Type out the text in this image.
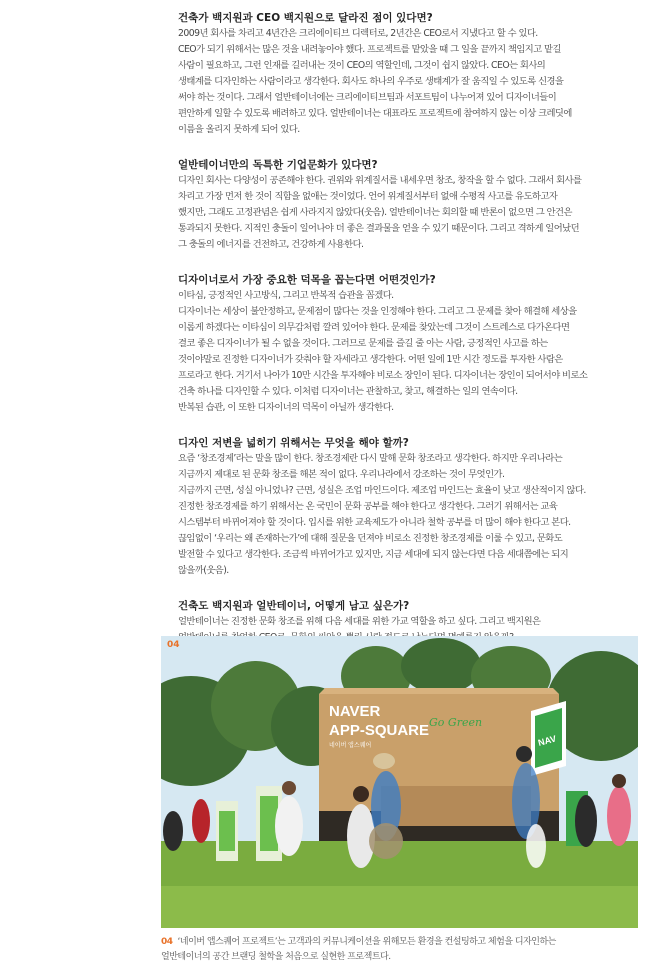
건축가 백지원과 CEO 백지원으로 달라진 점이 있다면?

2009년 회사를 차리고 4년간은 크리에이티브 디렉터로, 2년간은 CEO로서 지냈다고 할 수 있다.
CEO가 되기 위해서는 많은 것을 내려놓아야 했다. 프로젝트를 맡았을 때 그 일을 끝까지 책임지고 맡길
사람이 필요하고, 그런 인재를 길러내는 것이 CEO의 역할인데, 그것이 쉽지 않았다. CEO는 회사의
생태계를 디자인하는 사람이라고 생각한다. 회사도 하나의 우주로 생태계가 잘 움직일 수 있도록 신경을
써야 하는 것이다. 그래서 얼반테이너에는 크리에이티브팀과 서포트팀이 나누어져 있어 디자이너들이
편안하게 일할 수 있도록 배려하고 있다. 얼반테이너는 대표라도 프로젝트에 참여하지 않는 이상 크레딧에
이름을 올리지 못하게 되어 있다.

얼반테이너만의 독특한 기업문화가 있다면?

디자인 회사는 다양성이 공존해야 한다. 권위와 위계질서를 내세우면 창조, 창작을 할 수 없다. 그래서 회사를
차리고 가장 먼저 한 것이 직함을 없애는 것이었다. 언어 위계질서부터 없애 수평적 사고를 유도하고자
했지만, 그래도 고정관념은 쉽게 사라지지 않았다(웃음). 얼반테이너는 회의할 때 반론이 없으면 그 안건은
통과되지 못한다. 지적인 충돌이 일어나야 더 좋은 결과물을 얻을 수 있기 때문이다. 그리고 격하게 일어났던
그 충돌의 에너지를 건전하고, 건강하게 사용한다.

디자이너로서 가장 중요한 덕목을 꼽는다면 어떤것인가?

이타심, 긍정적인 사고방식, 그리고 반복적 습관을 꼽겠다.
디자이너는 세상이 불안정하고, 문제점이 많다는 것을 인정해야 한다. 그리고 그 문제를 찾아 해결해 세상을
이롭게 하겠다는 이타심이 의무감처럼 깔려 있어야 한다. 문제를 찾았는데 그것이 스트레스로 다가온다면
결코 좋은 디자이너가 될 수 없을 것이다. 그러므로 문제를 즐길 줄 아는 사람, 긍정적인 사고를 하는
것이야말로 진정한 디자이너가 갖춰야 할 자세라고 생각한다. 어떤 일에 1만 시간 정도를 투자한 사람은
프로라고 한다. 거기서 나아가 10만 시간을 투자해야 비로소 장인이 된다. 디자이너는 장인이 되어서야 비로소
건축 하나를 디자인할 수 있다. 이처럼 디자이너는 관찰하고, 찾고, 해결하는 일의 연속이다.
반복된 습관, 이 또한 디자이너의 덕목이 아닐까 생각한다.

디자인 저변을 넓히기 위해서는 무엇을 해야 할까?

요즘 ‘창조경제’라는 말을 많이 한다. 창조경제란 다시 말해 문화 창조라고 생각한다. 하지만 우리나라는
지금까지 제대로 된 문화 창조를 해본 적이 없다. 우리나라에서 강조하는 것이 무엇인가.
지금까지 근면, 성실 아니었나? 근면, 성실은 조업 마인드이다. 제조업 마인드는 효율이 낮고 생산적이지 않다.
진정한 창조경제를 하기 위해서는 온 국민이 문화 공부를 해야 한다고 생각한다. 그러기 위해서는 교육
시스템부터 바뀌어져야 할 것이다. 입시를 위한 교육제도가 아니라 철학 공부를 더 많이 해야 한다고 본다.
끊임없이 ‘우리는 왜 존재하는가’에 대해 질문을 던져야 비로소 진정한 창조경제를 이룰 수 있고, 문화도
발전할 수 있다고 생각한다. 조금씩 바뀌어가고 있지만, 지금 세대에 되지 않는다면 다음 세대쯤에는 되지
않을까(웃음).

건축도 백지원과 얼반테이너, 어떻게 남고 싶은가?

얼반테이너는 진정한 문화 창조를 위해 다음 세대를 위한 가교 역할을 하고 싶다. 그리고 백지원은

NAVER
APP-SQUARE
네이버 앱스퀘어
Go Green
NAV
04
04 ‘네이버 앱스퀘어 프로젝트’는 고객과의 커뮤니케이션을 위해모든 환경을 컨설팅하고 체험을 디자인하는
얼반테이너의 공간 브랜딩 철학을 처음으로 실현한 프로젝트다.
